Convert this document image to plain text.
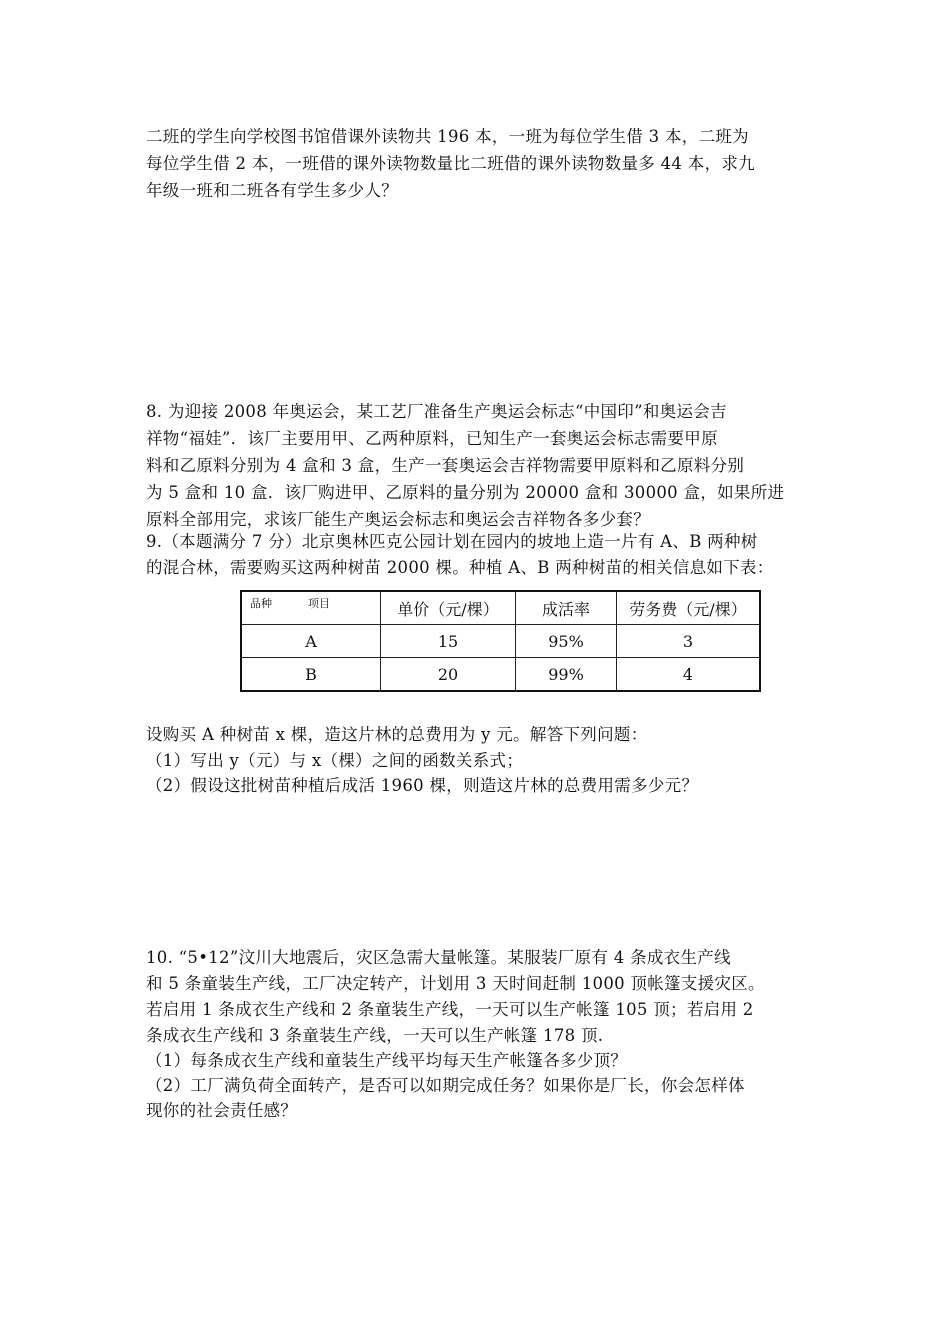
二班的学生向学校图书馆借课外读物共 196 本，一班为每位学生借 3 本，二班为
每位学生借 2 本，一班借的课外读物数量比二班借的课外读物数量多 44 本，求九
年级一班和二班各有学生多少人？
8. 为迎接 2008 年奥运会，某工艺厂准备生产奥运会标志“中国印”和奥运会吉
祥物“福娃”．该厂主要用甲、乙两种原料，已知生产一套奥运会标志需要甲原
料和乙原料分别为 4 盒和 3 盒，生产一套奥运会吉祥物需要甲原料和乙原料分别
为 5 盒和 10 盒．该厂购进甲、乙原料的量分别为 20000 盒和 30000 盒，如果所进
原料全部用完，求该厂能生产奥运会标志和奥运会吉祥物各多少套？
9.（本题满分 7 分）北京奥林匹克公园计划在园内的坡地上造一片有 A、B 两种树
的混合林，需要购买这两种树苗 2000 棵。种植 A、B 两种树苗的相关信息如下表：
品种 项目	单价（元/棵）	成活率	劳务费（元/棵）
A	15	95%	3
B	20	99%	4
设购买 A 种树苗 x 棵，造这片林的总费用为 y 元。解答下列问题：
（1）写出 y（元）与 x（棵）之间的函数关系式；
（2）假设这批树苗种植后成活 1960 棵，则造这片林的总费用需多少元？
10. “5•12”汶川大地震后，灾区急需大量帐篷。某服装厂原有 4 条成衣生产线
和 5 条童装生产线，工厂决定转产，计划用 3 天时间赶制 1000 顶帐篷支援灾区。
若启用 1 条成衣生产线和 2 条童装生产线，一天可以生产帐篷 105 顶；若启用 2
条成衣生产线和 3 条童装生产线，一天可以生产帐篷 178 顶.
（1）每条成衣生产线和童装生产线平均每天生产帐篷各多少顶？
（2）工厂满负荷全面转产，是否可以如期完成任务？如果你是厂长，你会怎样体
现你的社会责任感？
